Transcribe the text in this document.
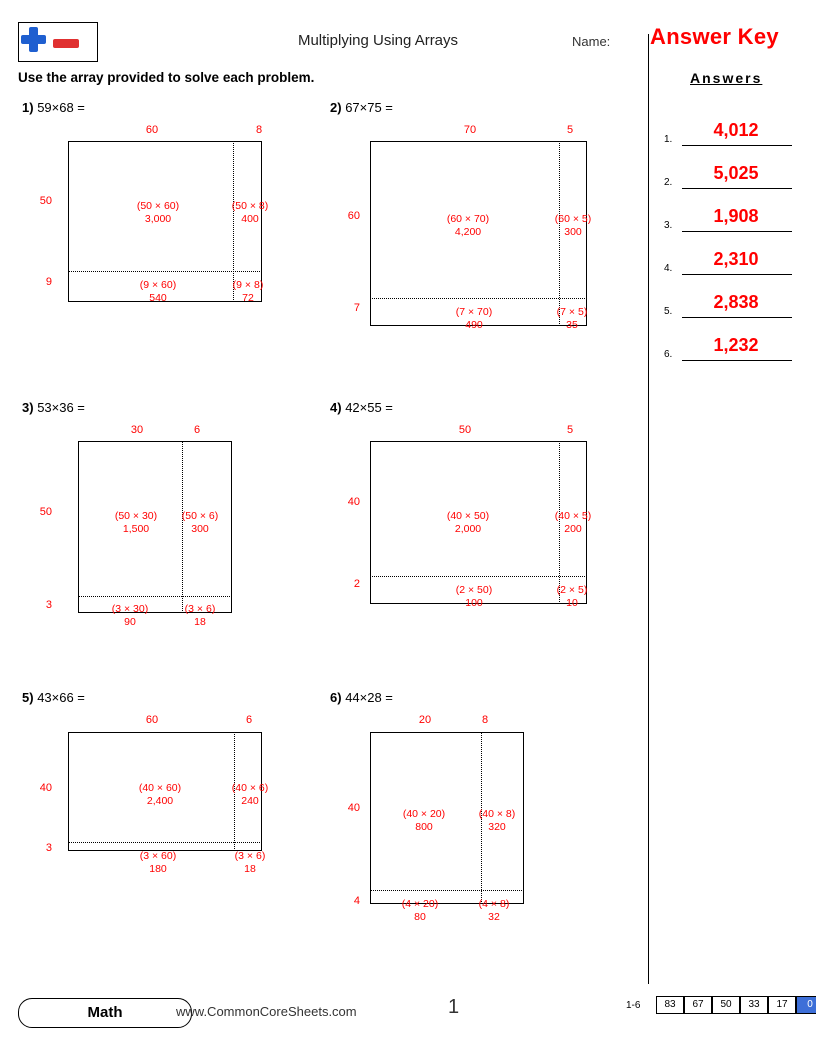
Multiplying Using Arrays	Name: Answer Key
Use the array provided to solve each problem.	Answers
1.	4,012
2.	5,025
3.	1,908
4.	2,310
5.	2,838
6.	1,232
1) 59×68 =
60	8
50
9
(50 × 60)
3,000
(50 × 8)
400
(9 × 60)
540
(9 × 8)
72
2) 67×75 =
70	5
60
7
(60 × 70)
4,200
(60 × 5)
300
(7 × 70)
490
(7 × 5)
35
3) 53×36 =
30	6
50
3
(50 × 30)
1,500
(50 × 6)
300
(3 × 30)
90
(3 × 6)
18
4) 42×55 =
50	5
40
2
(40 × 50)
2,000
(40 × 5)
200
(2 × 50)
100
(2 × 5)
10
5) 43×66 =
60	6
40
3
(40 × 60)
2,400
(40 × 6)
240
(3 × 60)
180
(3 × 6)
18
6) 44×28 =
20	8
40
4
(40 × 20)
800
(40 × 8)
320
(4 × 20)
80
(4 × 8)
32
Math	www.CommonCoreSheets.com	1	1-6	83	67	50	33	17	0
